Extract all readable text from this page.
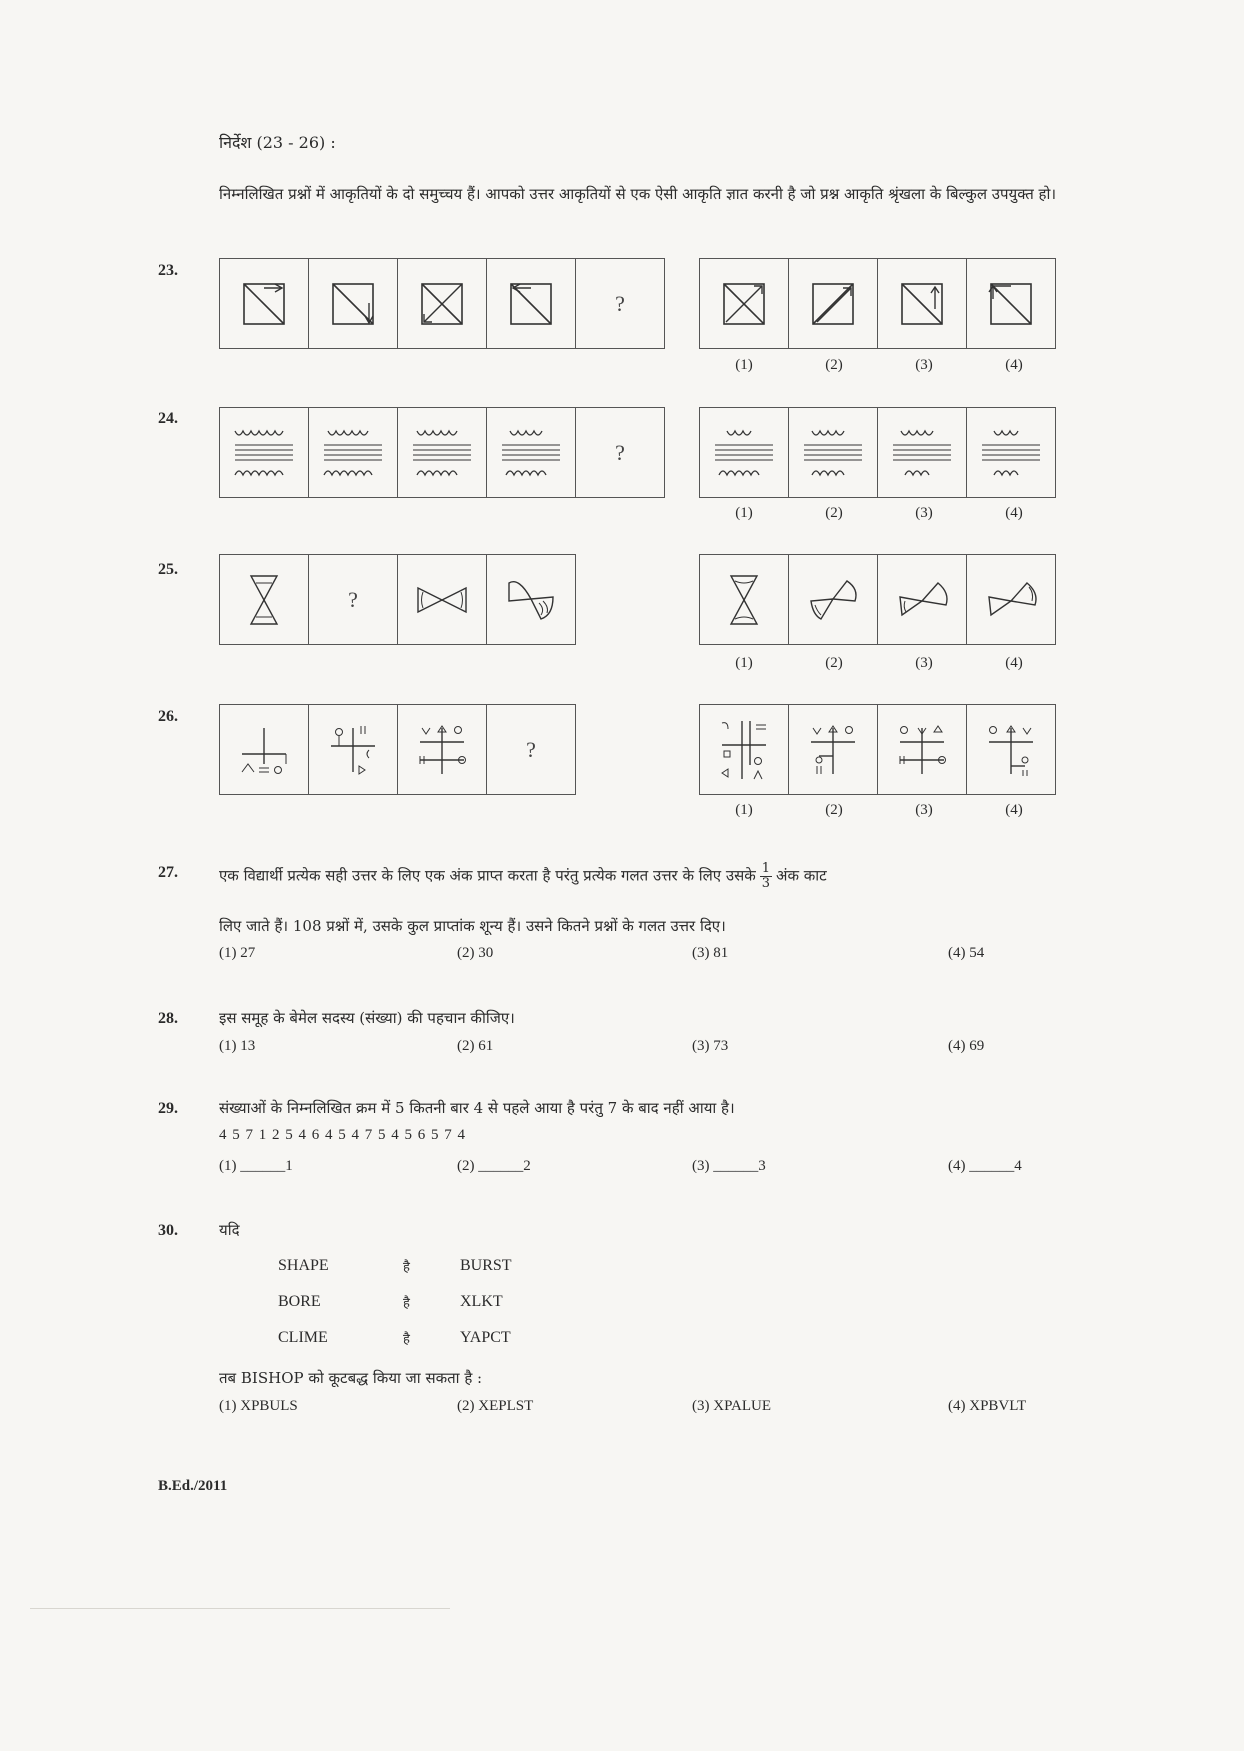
निर्देश (23 - 26) :
निम्नलिखित प्रश्नों में आकृतियों के दो समुच्चय हैं। आपको उत्तर आकृतियों से एक ऐसी आकृति ज्ञात करनी है जो प्रश्न आकृति श्रृंखला के बिल्कुल उपयुक्त हो।
23.
?
(1)	(2)	(3)	(4)
24.
?
(1)	(2)	(3)	(4)
25.
?
(1)	(2)	(3)	(4)
26.
?
(1)	(2)	(3)	(4)
27.	एक विद्यार्थी प्रत्येक सही उत्तर के लिए एक अंक प्राप्त करता है परंतु प्रत्येक गलत उत्तर के लिए उसके $\frac{1}{3}$ अंक काट
लिए जाते हैं। 108 प्रश्नों में, उसके कुल प्राप्तांक शून्य हैं। उसने कितने प्रश्नों के गलत उत्तर दिए।
(1) 27	(2) 30	(3) 81	(4) 54
28.	इस समूह के बेमेल सदस्य (संख्या) की पहचान कीजिए।
(1) 13	(2) 61	(3) 73	(4) 69
29.	संख्याओं के निम्नलिखित क्रम में 5 कितनी बार 4 से पहले आया है परंतु 7 के बाद नहीं आया है।
4 5 7 1 2 5 4 6 4 5 4 7 5 4 5 6 5 7 4
(1) ______1	(2) ______2	(3) ______3	(4) ______4
30.	यदि
SHAPE	है	BURST
BORE	है	XLKT
CLIME	है	YAPCT
तब BISHOP को कूटबद्ध किया जा सकता है :
(1) XPBULS	(2) XEPLST	(3) XPALUE	(4) XPBVLT
B.Ed./2011
